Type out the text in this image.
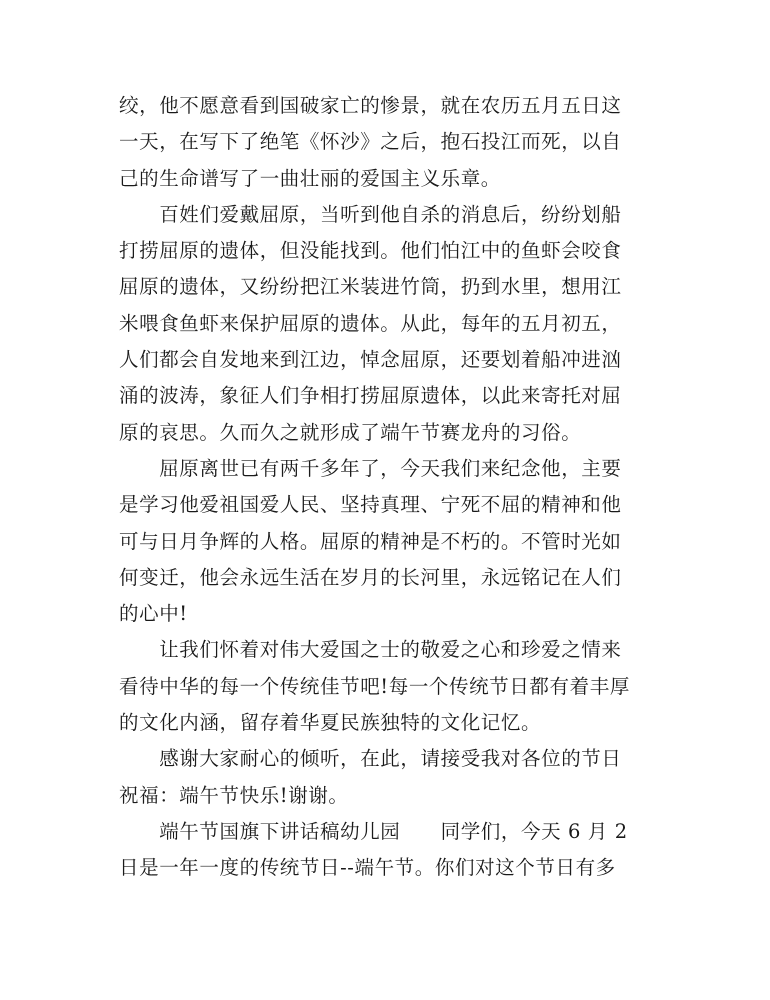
绞，他不愿意看到国破家亡的惨景，就在农历五月五日这
一天，在写下了绝笔《怀沙》之后，抱石投江而死，以自
己的生命谱写了一曲壮丽的爱国主义乐章。
　　百姓们爱戴屈原，当听到他自杀的消息后，纷纷划船
打捞屈原的遗体，但没能找到。他们怕江中的鱼虾会咬食
屈原的遗体，又纷纷把江米装进竹筒，扔到水里，想用江
米喂食鱼虾来保护屈原的遗体。从此，每年的五月初五，
人们都会自发地来到江边，悼念屈原，还要划着船冲进汹
涌的波涛，象征人们争相打捞屈原遗体，以此来寄托对屈
原的哀思。久而久之就形成了端午节赛龙舟的习俗。
　　屈原离世已有两千多年了，今天我们来纪念他，主要
是学习他爱祖国爱人民、坚持真理、宁死不屈的精神和他
可与日月争辉的人格。屈原的精神是不朽的。不管时光如
何变迁，他会永远生活在岁月的长河里，永远铭记在人们
的心中!
　　让我们怀着对伟大爱国之士的敬爱之心和珍爱之情来
看待中华的每一个传统佳节吧!每一个传统节日都有着丰厚
的文化内涵，留存着华夏民族独特的文化记忆。
　　感谢大家耐心的倾听，在此，请接受我对各位的节日
祝福：端午节快乐!谢谢。
　　端午节国旗下讲话稿幼儿园　　同学们，今天 6 月 2
日是一年一度的传统节日--端午节。你们对这个节日有多
